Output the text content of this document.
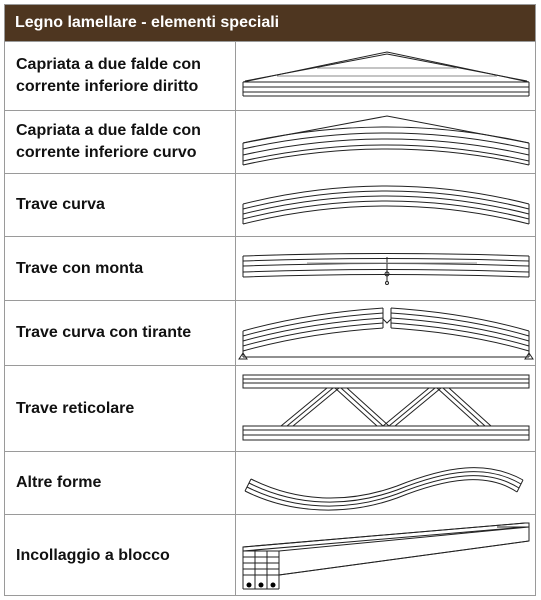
Legno lamellare - elementi speciali
Capriata a due falde con
corrente inferiore diritto
Capriata a due falde con
corrente inferiore curvo
Trave curva
Trave con monta
Trave curva con tirante
Trave reticolare
Altre forme
Incollaggio a blocco
